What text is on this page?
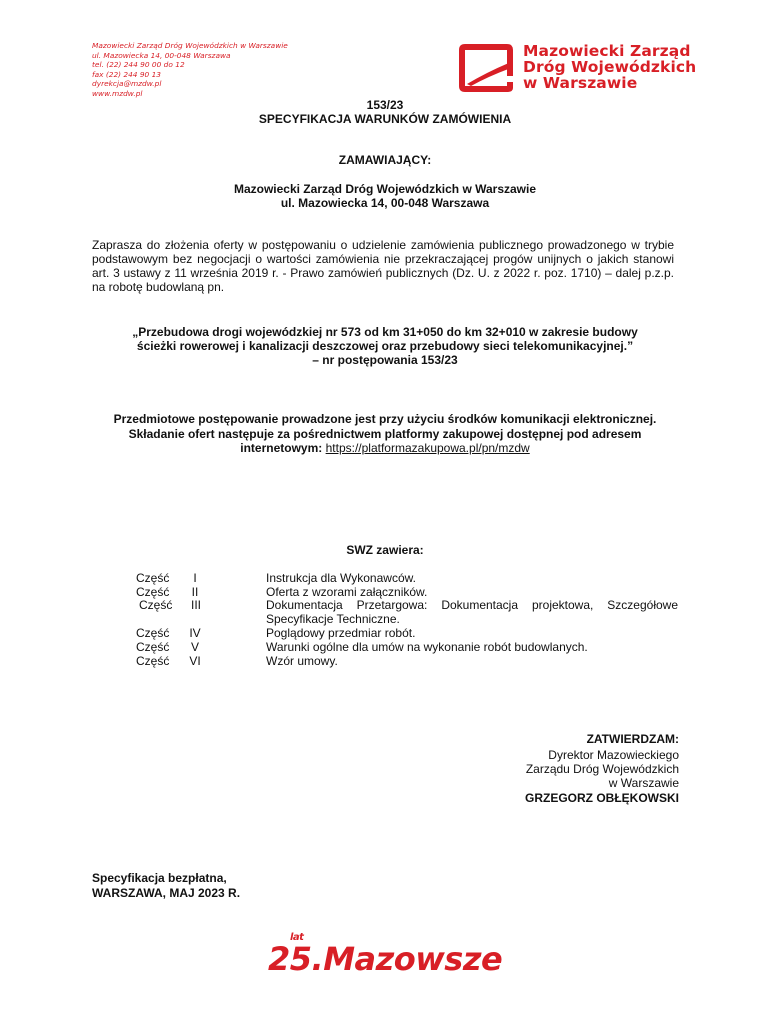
Mazowiecki Zarząd Dróg Wojewódzkich w Warszawie
ul. Mazowiecka 14, 00-048 Warszawa
tel. (22) 244 90 00 do 12
fax (22) 244 90 13
dyrekcja@mzdw.pl
www.mzdw.pl
Mazowiecki Zarząd
Dróg Wojewódzkich
w Warszawie
153/23
SPECYFIKACJA WARUNKÓW ZAMÓWIENIA
ZAMAWIAJĄCY:
Mazowiecki Zarząd Dróg Wojewódzkich w Warszawie
ul. Mazowiecka 14, 00-048 Warszawa
Zaprasza do złożenia oferty w postępowaniu o udzielenie zamówienia publicznego prowadzonego w trybie podstawowym bez negocjacji o wartości zamówienia nie przekraczającej progów unijnych o jakich stanowi art. 3 ustawy z 11 września 2019 r. - Prawo zamówień publicznych (Dz. U. z 2022 r. poz. 1710) – dalej p.z.p. na robotę budowlaną pn.
„Przebudowa drogi wojewódzkiej nr 573 od km 31+050 do km 32+010 w zakresie budowy
ścieżki rowerowej i kanalizacji deszczowej oraz przebudowy sieci telekomunikacyjnej.”
– nr postępowania 153/23
Przedmiotowe postępowanie prowadzone jest przy użyciu środków komunikacji elektronicznej.
Składanie ofert następuje za pośrednictwem platformy zakupowej dostępnej pod adresem
internetowym: https://platformazakupowa.pl/pn/mzdw
SWZ zawiera:
Część	I	Instrukcja dla Wykonawców.
Część	II	Oferta z wzorami załączników.
Część	III	Dokumentacja Przetargowa: Dokumentacja projektowa, Szczegółowe Specyfikacje Techniczne.
Część	IV	Poglądowy przedmiar robót.
Część	V	Warunki ogólne dla umów na wykonanie robót budowlanych.
Część	VI	Wzór umowy.
ZATWIERDZAM:
Dyrektor Mazowieckiego
Zarządu Dróg Wojewódzkich
w Warszawie
GRZEGORZ OBŁĘKOWSKI
Specyfikacja bezpłatna,
WARSZAWA, MAJ 2023 R.
lat
25.Mazowsze
